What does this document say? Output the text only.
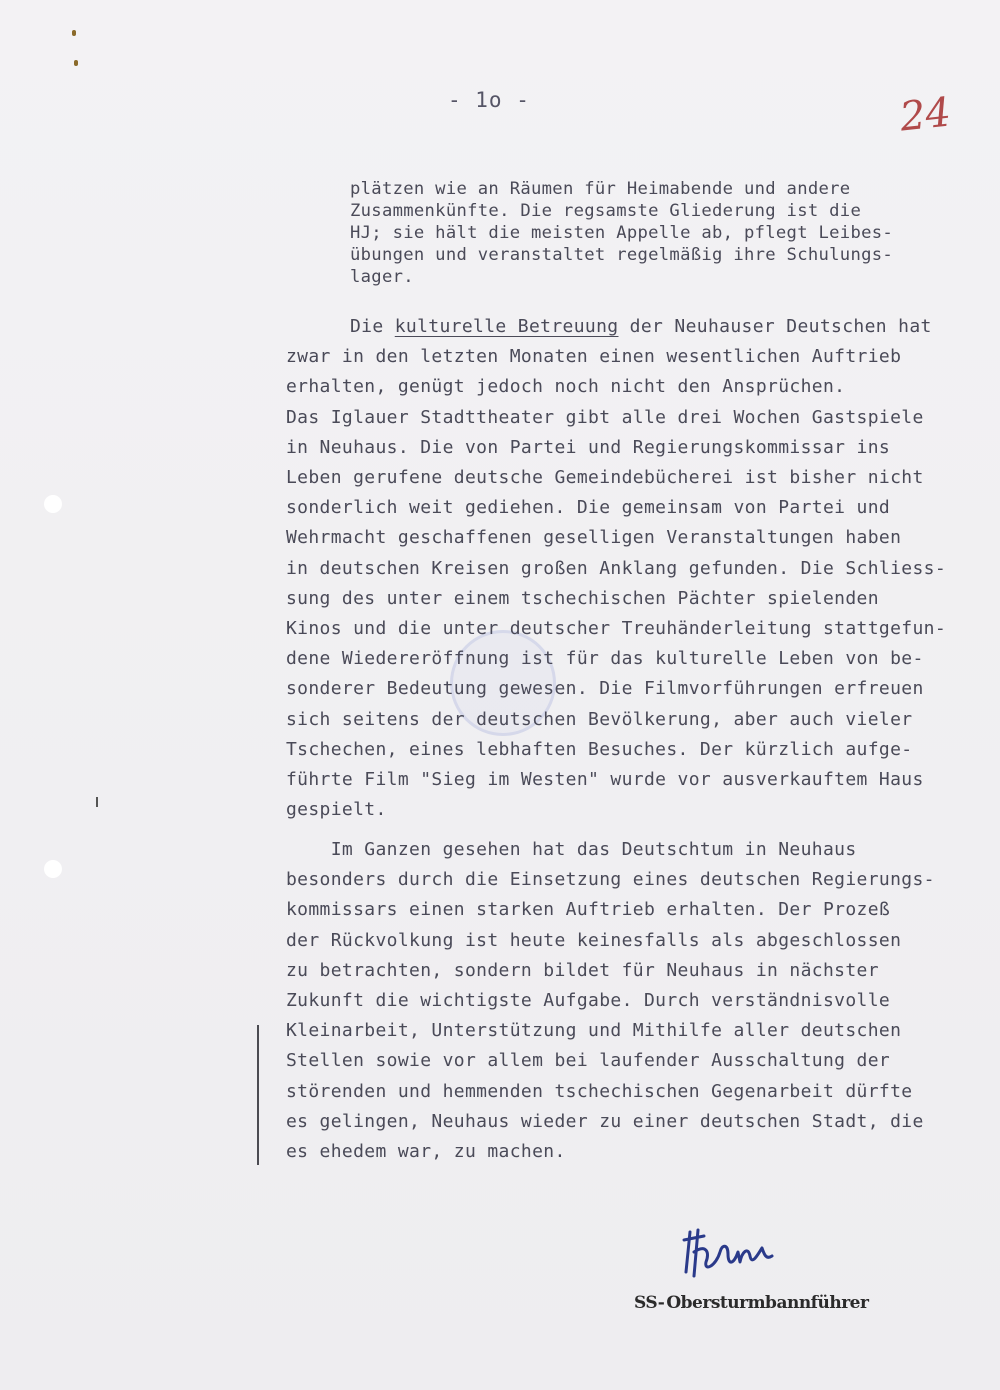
- 1o -	24
plätzen wie an Räumen für Heimabende und andere
Zusammenkünfte. Die regsamste Gliederung ist die
HJ; sie hält die meisten Appelle ab, pflegt Leibes-
übungen und veranstaltet regelmäßig ihre Schulungs-
lager.
Die kulturelle Betreuung der Neuhauser Deutschen hat
zwar in den letzten Monaten einen wesentlichen Auftrieb
erhalten, genügt jedoch noch nicht den Ansprüchen.
Das Iglauer Stadttheater gibt alle drei Wochen Gastspiele
in Neuhaus. Die von Partei und Regierungskommissar ins
Leben gerufene deutsche Gemeindebücherei ist bisher nicht
sonderlich weit gediehen. Die gemeinsam von Partei und
Wehrmacht geschaffenen geselligen Veranstaltungen haben
in deutschen Kreisen großen Anklang gefunden. Die Schliess-
sung des unter einem tschechischen Pächter spielenden
Kinos und die unter deutscher Treuhänderleitung stattgefun-
dene Wiedereröffnung ist für das kulturelle Leben von be-
sonderer Bedeutung gewesen. Die Filmvorführungen erfreuen
sich seitens der deutschen Bevölkerung, aber auch vieler
Tschechen, eines lebhaften Besuches. Der kürzlich aufge-
führte Film "Sieg im Westen" wurde vor ausverkauftem Haus
gespielt.
Im Ganzen gesehen hat das Deutschtum in Neuhaus
besonders durch die Einsetzung eines deutschen Regierungs-
kommissars einen starken Auftrieb erhalten. Der Prozeß
der Rückvolkung ist heute keinesfalls als abgeschlossen
zu betrachten, sondern bildet für Neuhaus in nächster
Zukunft die wichtigste Aufgabe. Durch verständnisvolle
Kleinarbeit, Unterstützung und Mithilfe aller deutschen
Stellen sowie vor allem bei laufender Ausschaltung der
störenden und hemmenden tschechischen Gegenarbeit dürfte
es gelingen, Neuhaus wieder zu einer deutschen Stadt, die
es ehedem war, zu machen.
SS- Obersturmbannführer
